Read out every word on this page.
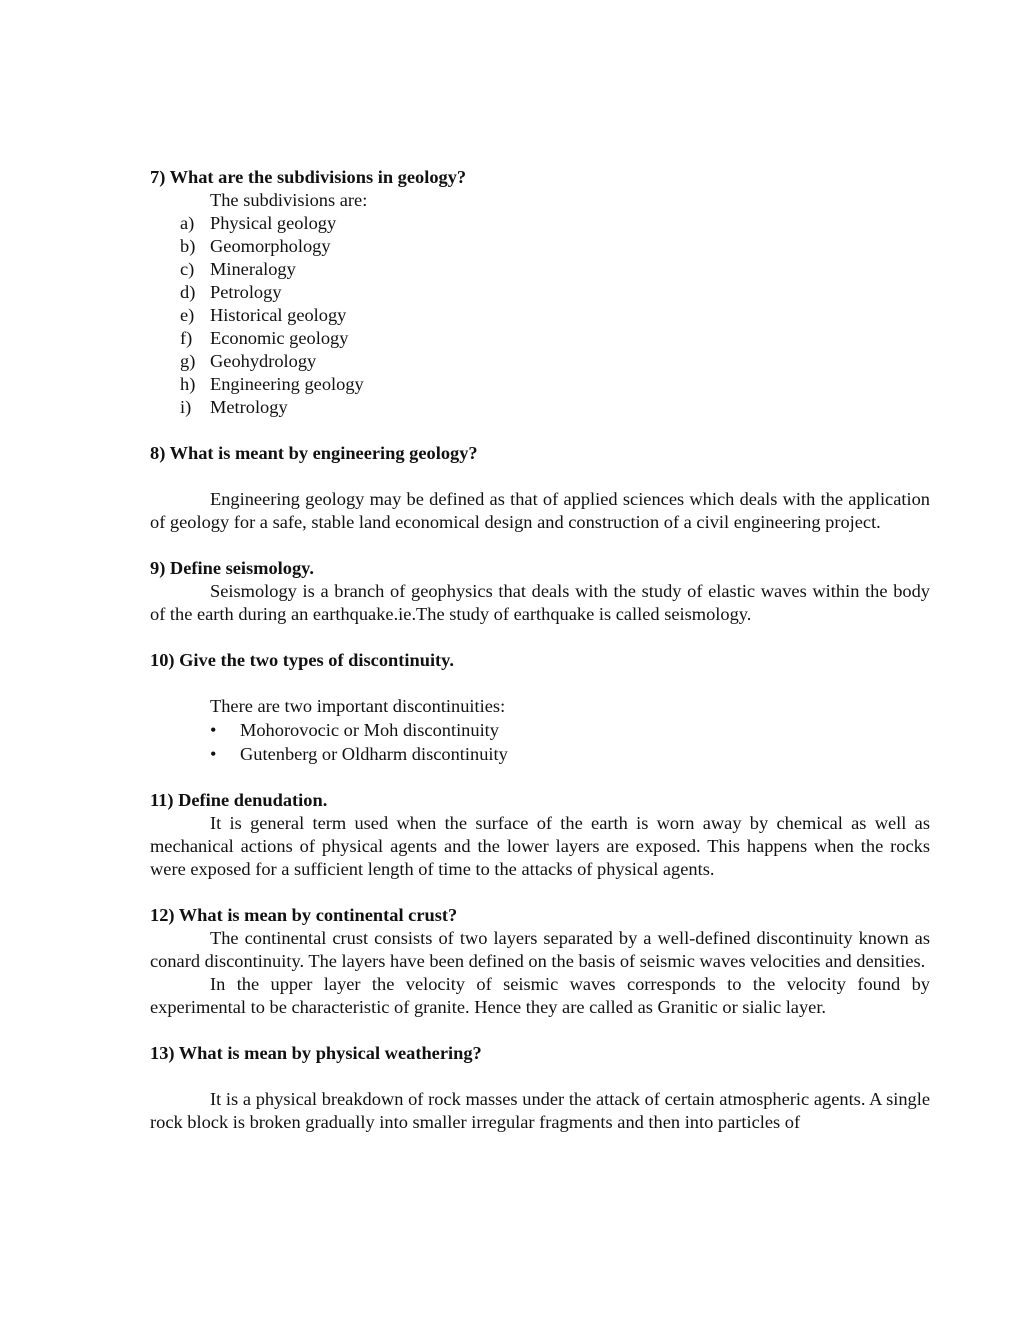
7) What are the subdivisions in geology?

The subdivisions are:

a) Physical geology
b) Geomorphology
c) Mineralogy
d) Petrology
e) Historical geology
f) Economic geology
g) Geohydrology
h) Engineering geology
i) Metrology

8) What is meant by engineering geology?

Engineering geology may be defined as that of applied sciences which deals with the application of geology for a safe, stable land economical design and construction of a civil engineering project.

9) Define seismology.

Seismology is a branch of geophysics that deals with the study of elastic waves within the body of the earth during an earthquake.ie.The study of earthquake is called seismology.

10) Give the two types of discontinuity.

There are two important discontinuities:

• Mohorovocic or Moh discontinuity
• Gutenberg or Oldharm discontinuity

11) Define denudation.

It is general term used when the surface of the earth is worn away by chemical as well as mechanical actions of physical agents and the lower layers are exposed. This happens when the rocks were exposed for a sufficient length of time to the attacks of physical agents.

12) What is mean by continental crust?

The continental crust consists of two layers separated by a well-defined discontinuity known as conard discontinuity. The layers have been defined on the basis of seismic waves velocities and densities.

In the upper layer the velocity of seismic waves corresponds to the velocity found by experimental to be characteristic of granite. Hence they are called as Granitic or sialic layer.

13) What is mean by physical weathering?

It is a physical breakdown of rock masses under the attack of certain atmospheric agents. A single rock block is broken gradually into smaller irregular fragments and then into particles of
